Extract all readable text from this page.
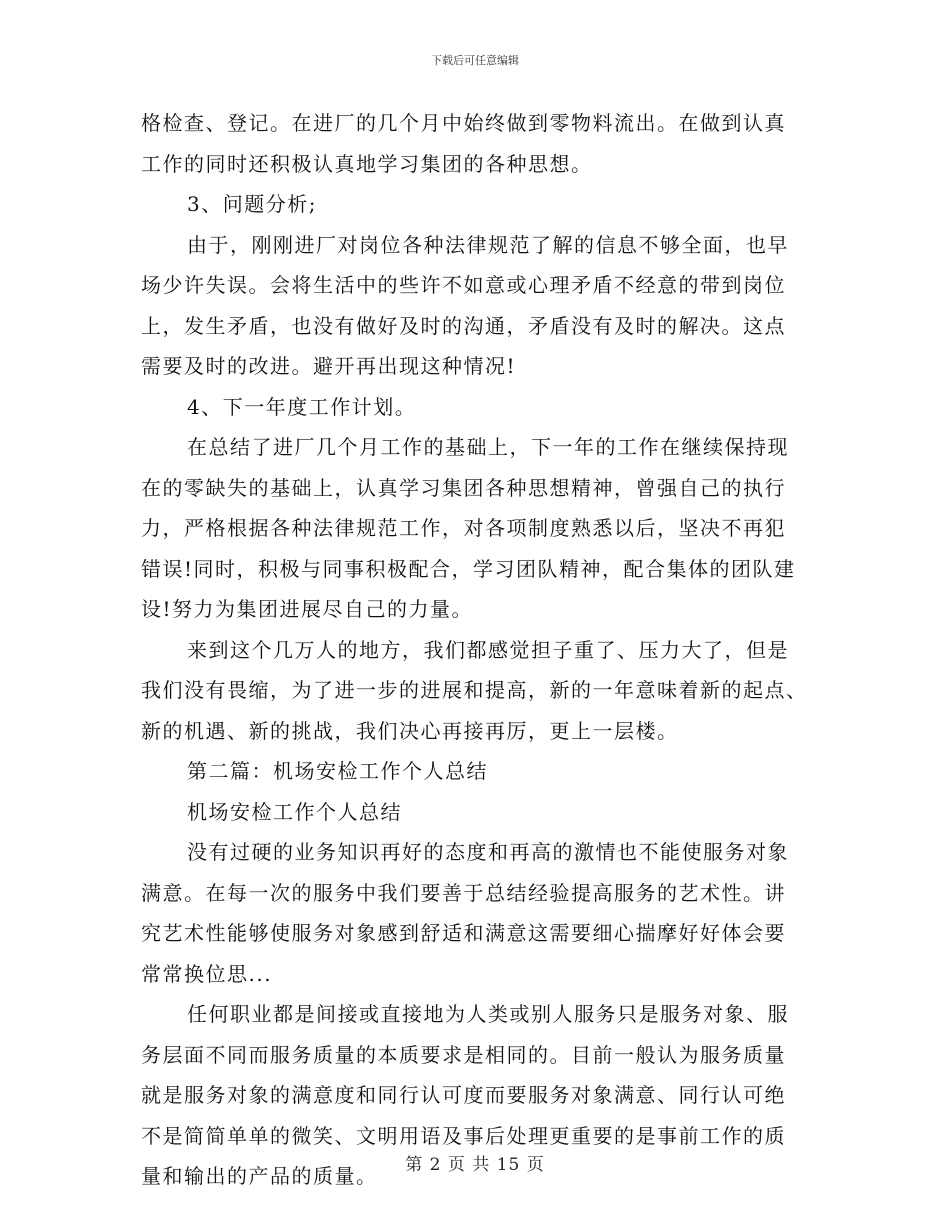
下载后可任意编辑
格检查、登记。在进厂的几个月中始终做到零物料流出。在做到认真
工作的同时还积极认真地学习集团的各种思想。
3、问题分析;
由于，刚刚进厂对岗位各种法律规范了解的信息不够全面，也早
场少许失误。会将生活中的些许不如意或心理矛盾不经意的带到岗位
上，发生矛盾，也没有做好及时的沟通，矛盾没有及时的解决。这点
需要及时的改进。避开再出现这种情况!
4、下一年度工作计划。
在总结了进厂几个月工作的基础上，下一年的工作在继续保持现
在的零缺失的基础上，认真学习集团各种思想精神，曾强自己的执行
力，严格根据各种法律规范工作，对各项制度熟悉以后，坚决不再犯
错误!同时，积极与同事积极配合，学习团队精神，配合集体的团队建
设!努力为集团进展尽自己的力量。
来到这个几万人的地方，我们都感觉担子重了、压力大了，但是
我们没有畏缩，为了进一步的进展和提高，新的一年意味着新的起点、
新的机遇、新的挑战，我们决心再接再厉，更上一层楼。
第二篇：机场安检工作个人总结
机场安检工作个人总结
没有过硬的业务知识再好的态度和再高的激情也不能使服务对象
满意。在每一次的服务中我们要善于总结经验提高服务的艺术性。讲
究艺术性能够使服务对象感到舒适和满意这需要细心揣摩好好体会要
常常换位思...
任何职业都是间接或直接地为人类或别人服务只是服务对象、服
务层面不同而服务质量的本质要求是相同的。目前一般认为服务质量
就是服务对象的满意度和同行认可度而要服务对象满意、同行认可绝
不是简简单单的微笑、文明用语及事后处理更重要的是事前工作的质
量和输出的产品的质量。	第 2 页 共 15 页
